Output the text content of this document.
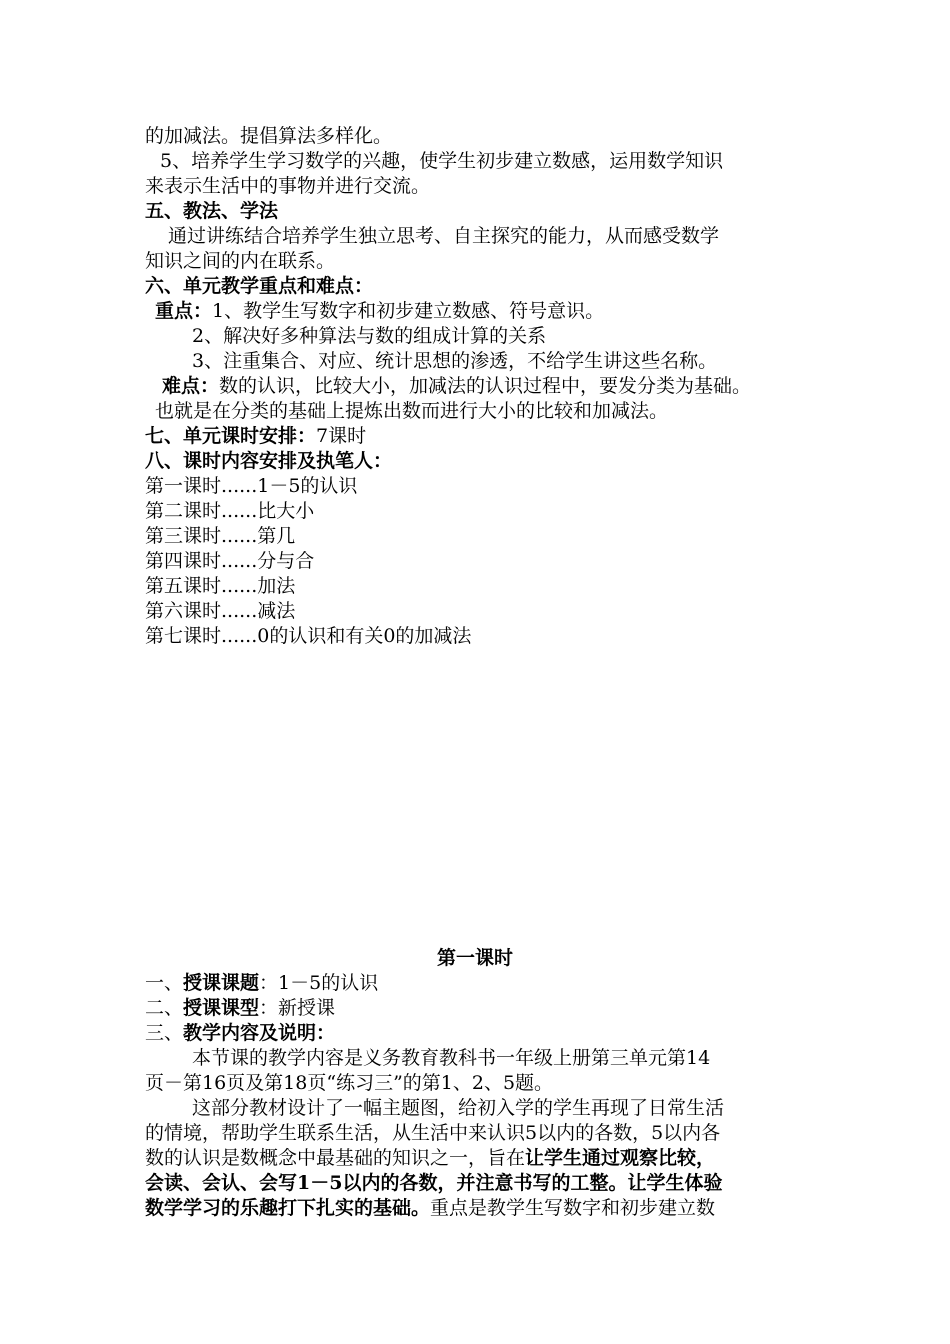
的加减法。提倡算法多样化。
5、培养学生学习数学的兴趣，使学生初步建立数感，运用数学知识
来表示生活中的事物并进行交流。
五、教法、学法
通过讲练结合培养学生独立思考、自主探究的能力，从而感受数学
知识之间的内在联系。
六、单元教学重点和难点：
重点：1、教学生写数字和初步建立数感、符号意识。
2、解决好多种算法与数的组成计算的关系
3、注重集合、对应、统计思想的渗透，不给学生讲这些名称。
难点：数的认识，比较大小，加减法的认识过程中，要发分类为基础。
也就是在分类的基础上提炼出数而进行大小的比较和加减法。
七、单元课时安排：7课时
八、课时内容安排及执笔人：
第一课时......1－5的认识
第二课时......比大小
第三课时......第几
第四课时......分与合
第五课时......加法
第六课时......减法
第七课时......0的认识和有关0的加减法
第一课时
一、授课课题：1－5的认识
二、授课课型：新授课
三、教学内容及说明：
本节课的教学内容是义务教育教科书一年级上册第三单元第14
页－第16页及第18页“练习三”的第1、2、5题。
这部分教材设计了一幅主题图，给初入学的学生再现了日常生活
的情境，帮助学生联系生活，从生活中来认识5以内的各数，5以内各
数的认识是数概念中最基础的知识之一，旨在让学生通过观察比较，
会读、会认、会写1－5以内的各数，并注意书写的工整。让学生体验
数学学习的乐趣打下扎实的基础。重点是教学生写数字和初步建立数
